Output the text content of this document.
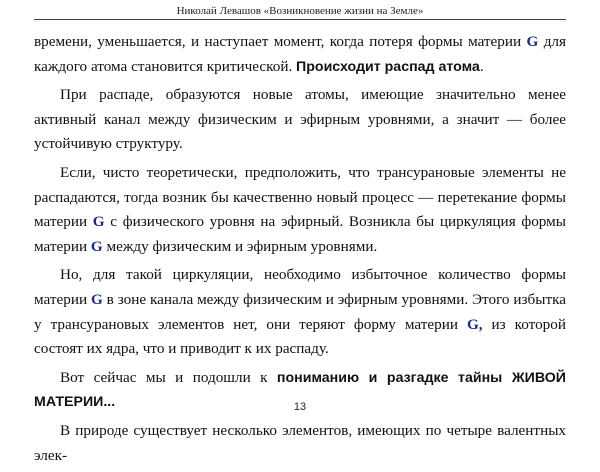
Николай Левашов «Возникновение жизни на Земле»

времени, уменьшается, и наступает момент, когда потеря формы материи G для каждого атома становится критической. Происходит распад атома.

При распаде, образуются новые атомы, имеющие значительно менее активный канал между физическим и эфирным уровнями, а значит — более устойчивую структуру.

Если, чисто теоретически, предположить, что трансурановые элементы не распадаются, тогда возник бы качественно новый процесс — перетекание формы материи G с физического уровня на эфирный. Возникла бы циркуляция формы материи G между физическим и эфирным уровнями.

Но, для такой циркуляции, необходимо избыточное количество формы материи G в зоне канала между физическим и эфирным уровнями. Этого избытка у трансурановых элементов нет, они теряют форму материи G, из которой состоят их ядра, что и приводит к их распаду.

Вот сейчас мы и подошли к пониманию и разгадке тайны ЖИВОЙ МАТЕРИИ...

В природе существует несколько элементов, имеющих по четыре валентных элек-

13
